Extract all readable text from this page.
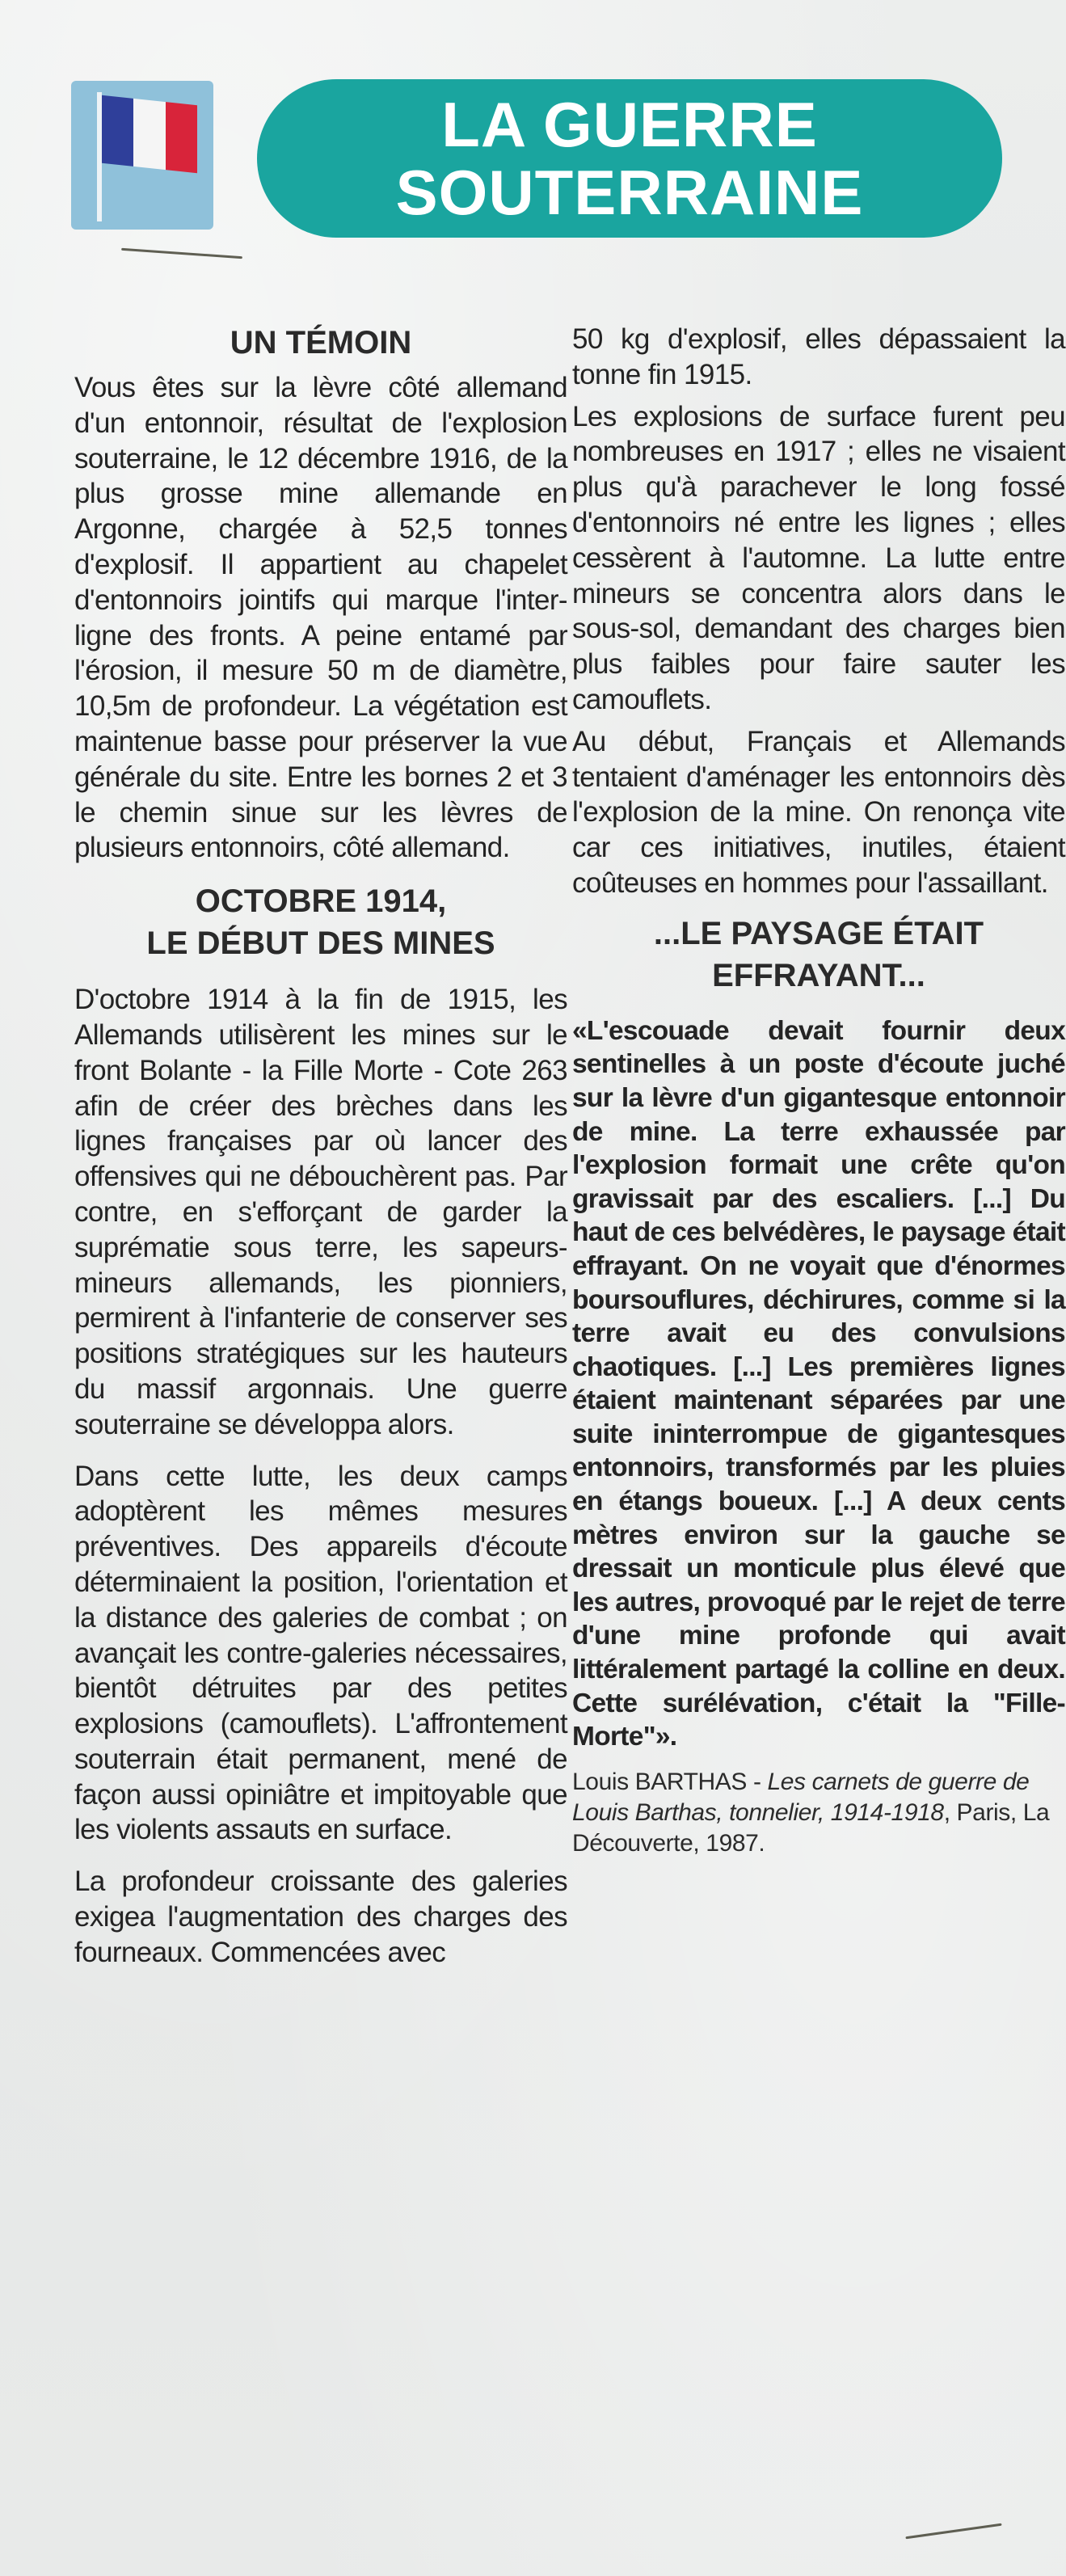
LA GUERRE
SOUTERRAINE
UN TÉMOIN

Vous êtes sur la lèvre côté allemand d'un entonnoir, résultat de l'explosion souterraine, le 12 décembre 1916, de la plus grosse mine allemande en Argonne, chargée à 52,5 tonnes d'explosif. Il appartient au chapelet d'entonnoirs jointifs qui marque l'inter-ligne des fronts. A peine entamé par l'érosion, il mesure 50 m de diamètre, 10,5m de profondeur. La végétation est maintenue basse pour préserver la vue générale du site. Entre les bornes 2 et 3 le chemin sinue sur les lèvres de plusieurs entonnoirs, côté allemand.

OCTOBRE 1914,
LE DÉBUT DES MINES

D'octobre 1914 à la fin de 1915, les Allemands utilisèrent les mines sur le front Bolante - la Fille Morte - Cote 263 afin de créer des brèches dans les lignes françaises par où lancer des offensives qui ne débouchèrent pas. Par contre, en s'efforçant de garder la suprématie sous terre, les sapeurs-mineurs allemands, les pionniers, permirent à l'infanterie de conserver ses positions stratégiques sur les hauteurs du massif argonnais. Une guerre souterraine se développa alors.

Dans cette lutte, les deux camps adoptèrent les mêmes mesures préventives. Des appareils d'écoute déterminaient la position, l'orientation et la distance des galeries de combat ; on avançait les contre-galeries nécessaires, bientôt détruites par des petites explosions (camouflets). L'affrontement souterrain était permanent, mené de façon aussi opiniâtre et impitoyable que les violents assauts en surface.

La profondeur croissante des galeries exigea l'augmentation des charges des fourneaux. Commencées avec

50 kg d'explosif, elles dépassaient la tonne fin 1915.

Les explosions de surface furent peu nombreuses en 1917 ; elles ne visaient plus qu'à parachever le long fossé d'entonnoirs né entre les lignes ; elles cessèrent à l'automne. La lutte entre mineurs se concentra alors dans le sous-sol, demandant des charges bien plus faibles pour faire sauter les camouflets.

Au début, Français et Allemands tentaient d'aménager les entonnoirs dès l'explosion de la mine. On renonça vite car ces initiatives, inutiles, étaient coûteuses en hommes pour l'assaillant.

...LE PAYSAGE ÉTAIT
EFFRAYANT...

«L'escouade devait fournir deux sentinelles à un poste d'écoute juché sur la lèvre d'un gigantesque entonnoir de mine. La terre exhaussée par l'explosion formait une crête qu'on gravissait par des escaliers. [...] Du haut de ces belvédères, le paysage était effrayant. On ne voyait que d'énormes boursouflures, déchirures, comme si la terre avait eu des convulsions chaotiques. [...] Les premières lignes étaient maintenant séparées par une suite ininterrompue de gigantesques entonnoirs, transformés par les pluies en étangs boueux. [...] A deux cents mètres environ sur la gauche se dressait un monticule plus élevé que les autres, provoqué par le rejet de terre d'une mine profonde qui avait littéralement partagé la colline en deux. Cette surélévation, c'était la "Fille-Morte"».

Louis BARTHAS - Les carnets de guerre de Louis Barthas, tonnelier, 1914-1918, Paris, La Découverte, 1987.
